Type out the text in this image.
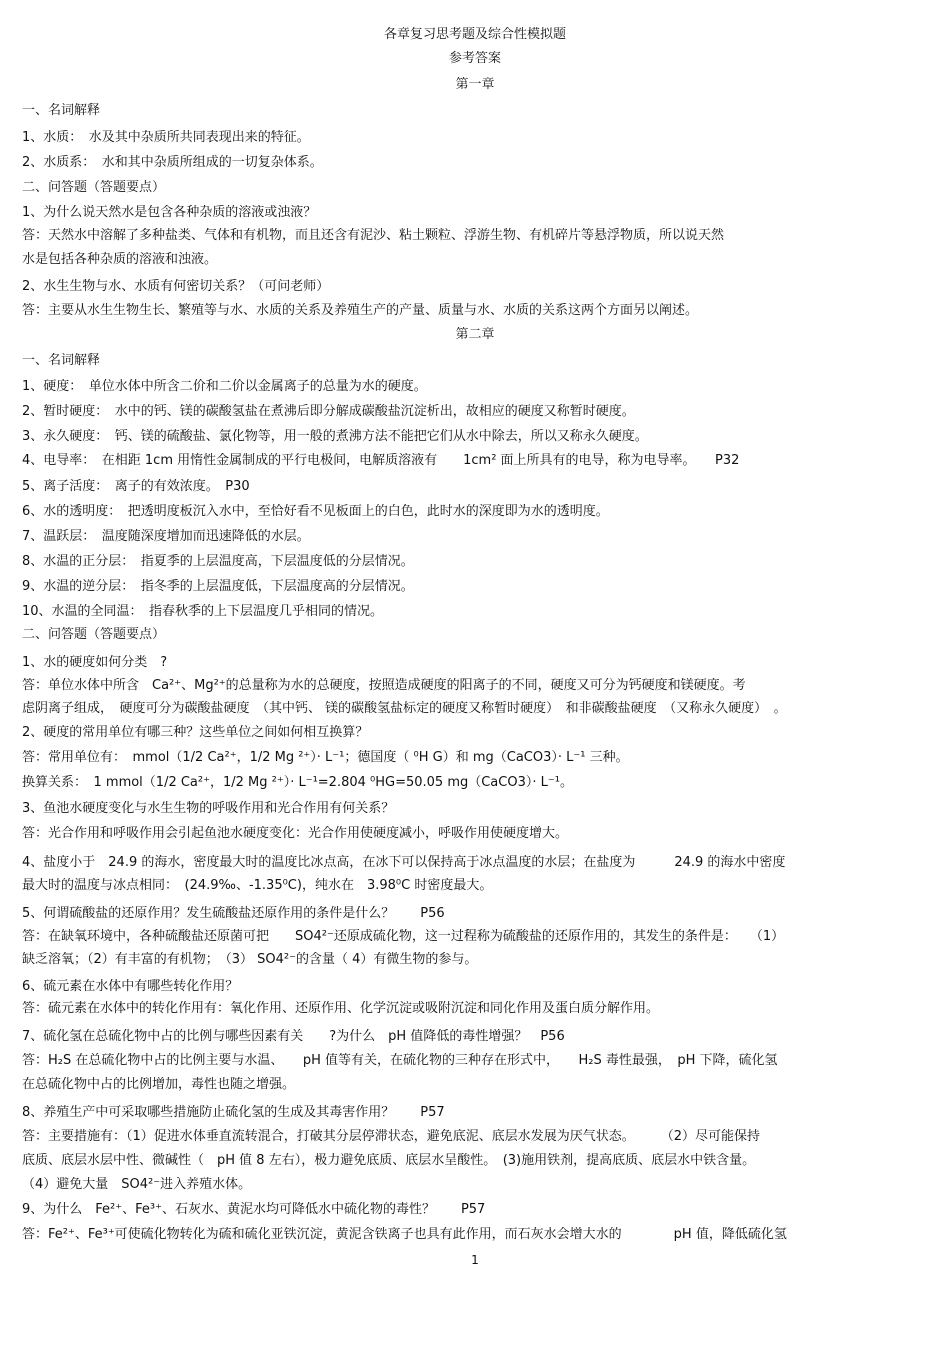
各章复习思考题及综合性模拟题
参考答案
第一章
一、名词解释
1、水质：　水及其中杂质所共同表现出来的特征。
2、水质系：　水和其中杂质所组成的一切复杂体系。
二、问答题（答题要点）
1、为什么说天然水是包含各种杂质的溶液或浊液？
答：天然水中溶解了多种盐类、气体和有机物，而且还含有泥沙、粘土颗粒、浮游生物、有机碎片等悬浮物质，所以说天然
水是包括各种杂质的溶液和浊液。
2、水生生物与水、水质有何密切关系？（可问老师）
答：主要从水生生物生长、繁殖等与水、水质的关系及养殖生产的产量、质量与水、水质的关系这两个方面另以阐述。
第二章
一、名词解释
1、硬度：　单位水体中所含二价和二价以金属离子的总量为水的硬度。
2、暂时硬度：　水中的钙、镁的碳酸氢盐在煮沸后即分解成碳酸盐沉淀析出，故相应的硬度又称暂时硬度。
3、永久硬度：　钙、镁的硫酸盐、氯化物等，用一般的煮沸方法不能把它们从水中除去，所以又称永久硬度。
4、电导率：　在相距 1cm 用惰性金属制成的平行电极间，电解质溶液有　　1cm² 面上所具有的电导，称为电导率。　　P32
5、离子活度：　离子的有效浓度。　P30
6、水的透明度：　把透明度板沉入水中，至恰好看不见板面上的白色，此时水的深度即为水的透明度。
7、温跃层：　温度随深度增加而迅速降低的水层。
8、水温的正分层：　指夏季的上层温度高，下层温度低的分层情况。
9、水温的逆分层：　指冬季的上层温度低，下层温度高的分层情况。
10、水温的全同温：　指春秋季的上下层温度几乎相同的情况。
二、问答题（答题要点）
1、水的硬度如何分类　?
答：单位水体中所含　Ca²⁺、Mg²⁺的总量称为水的总硬度，按照造成硬度的阳离子的不同，硬度又可分为钙硬度和镁硬度。考
虑阴离子组成，　硬度可分为碳酸盐硬度　（其中钙、 镁的碳酸氢盐标定的硬度又称暂时硬度）　和非碳酸盐硬度　（又称永久硬度）　。
2、硬度的常用单位有哪三种？这些单位之间如何相互换算？
答：常用单位有：　mmol（1/2 Ca²⁺，1/2 Mg ²⁺）· L⁻¹；德国度（ ⁰H G）和 mg（CaCO3）· L⁻¹ 三种。
换算关系：　1 mmol（1/2 Ca²⁺，1/2 Mg ²⁺）· L⁻¹=2.804 ⁰HG=50.05 mg（CaCO3）· L⁻¹。
3、鱼池水硬度变化与水生生物的呼吸作用和光合作用有何关系？
答：光合作用和呼吸作用会引起鱼池水硬度变化：光合作用使硬度减小，呼吸作用使硬度增大。
4、盐度小于　24.9 的海水，密度最大时的温度比冰点高，在冰下可以保持高于冰点温度的水层；在盐度为　　　24.9 的海水中密度
最大时的温度与冰点相同：　(24.9‰、-1.35⁰C)，纯水在　3.98⁰C 时密度最大。
5、何谓硫酸盐的还原作用？发生硫酸盐还原作用的条件是什么？　　P56
答：在缺氧环境中，各种硫酸盐还原菌可把　　SO4²⁻还原成硫化物，这一过程称为硫酸盐的还原作用的，其发生的条件是：　　（1）
缺乏溶氧；（2）有丰富的有机物；　（3） SO4²⁻的含量（ 4）有微生物的参与。
6、硫元素在水体中有哪些转化作用？
答：硫元素在水体中的转化作用有：氧化作用、还原作用、化学沉淀或吸附沉淀和同化作用及蛋白质分解作用。
7、硫化氢在总硫化物中占的比例与哪些因素有关　　?为什么　pH 值降低的毒性增强？　P56
答：H₂S 在总硫化物中占的比例主要与水温、　　pH 值等有关，在硫化物的三种存在形式中，　　H₂S 毒性最强，　pH 下降，硫化氢
在总硫化物中占的比例增加，毒性也随之增强。
8、养殖生产中可采取哪些措施防止硫化氢的生成及其毒害作用？　　P57
答：主要措施有：（1）促进水体垂直流转混合，打破其分层停滞状态，避免底泥、底层水发展为厌气状态。　　　（2）尽可能保持
底质、底层水层中性、微碱性（　pH 值 8 左右），极力避免底质、底层水呈酸性。　(3)施用铁剂，提高底质、底层水中铁含量。
（4）避免大量　SO4²⁻进入养殖水体。
9、为什么　Fe²⁺、Fe³⁺、石灰水、黄泥水均可降低水中硫化物的毒性？　　P57
答：Fe²⁺、Fe³⁺可使硫化物转化为硫和硫化亚铁沉淀，黄泥含铁离子也具有此作用，而石灰水会增大水的　　　　pH 值，降低硫化氢
1
